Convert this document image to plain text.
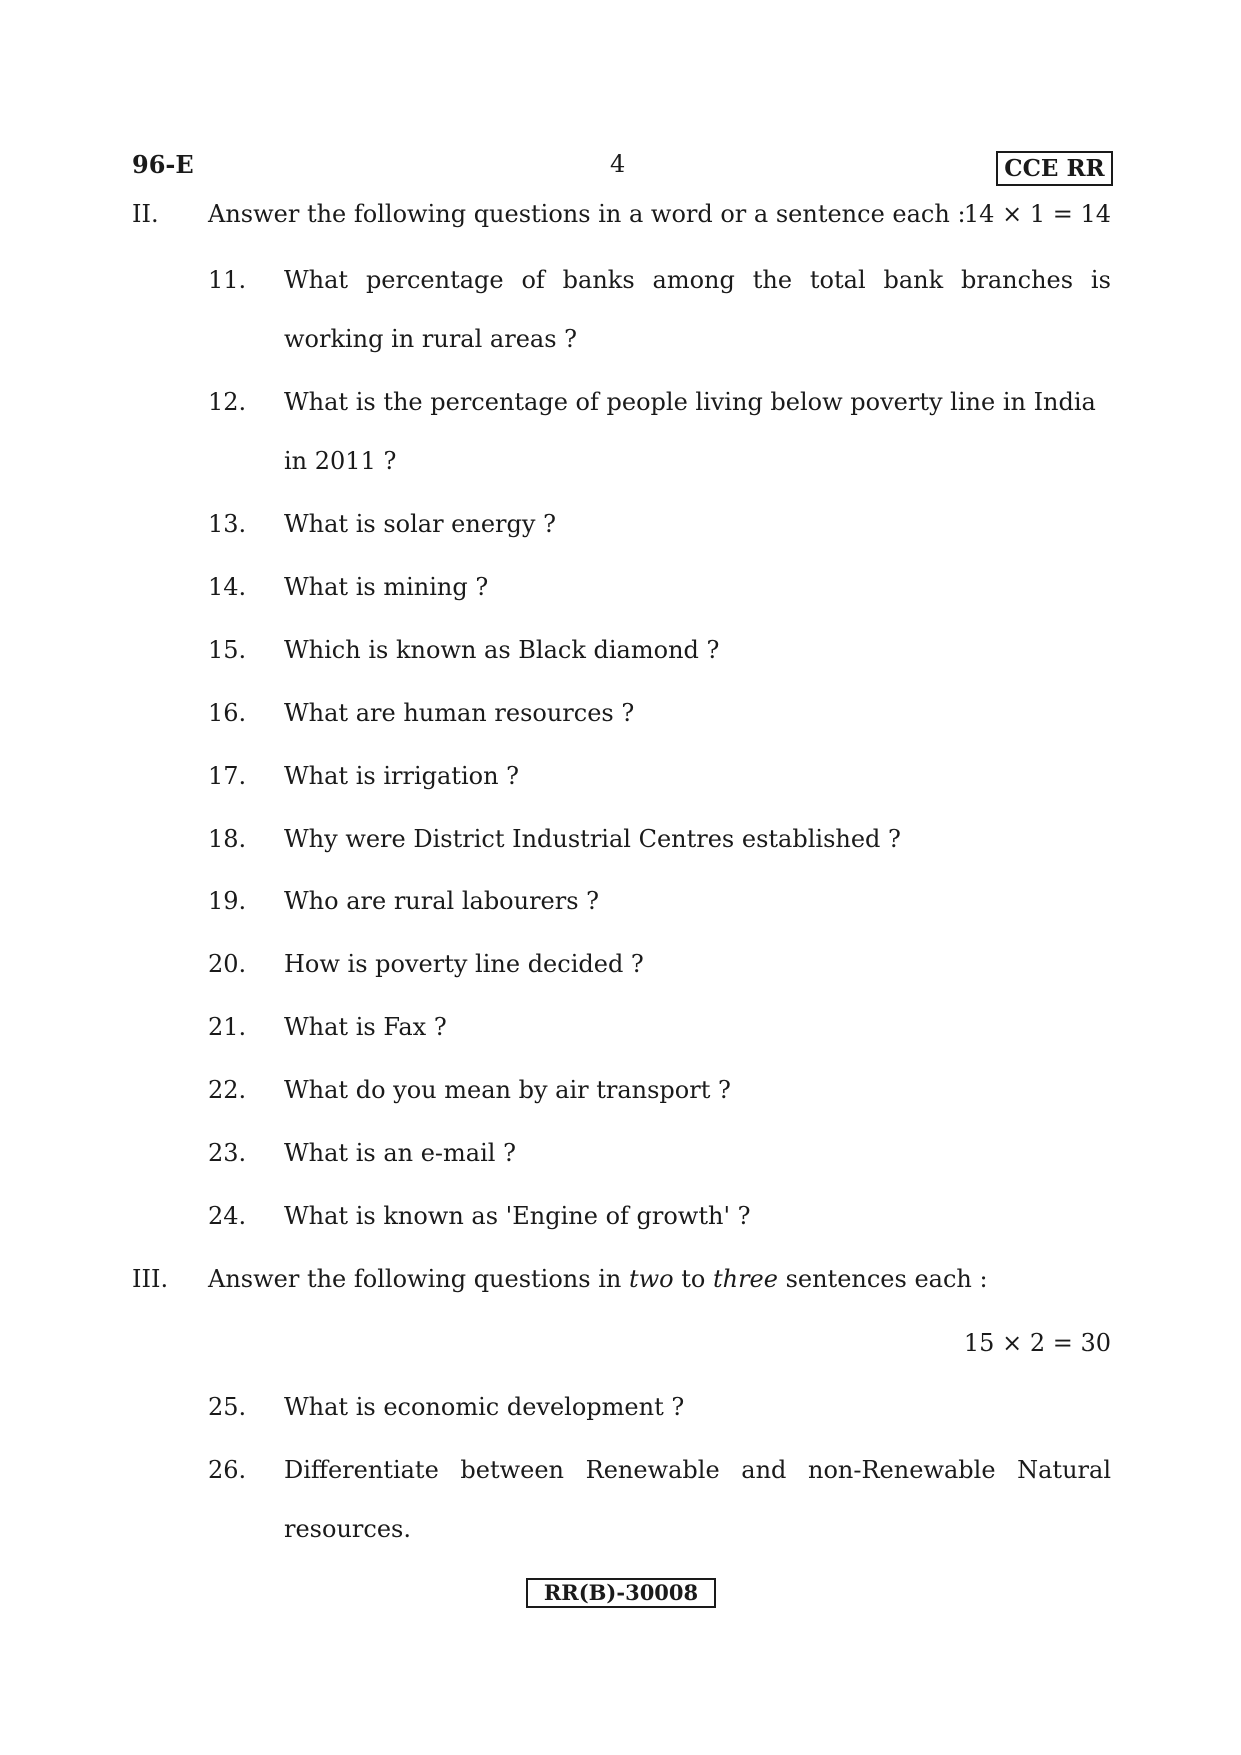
96-E	4	CCE RR
II. Answer the following questions in a word or a sentence each :
14 × 1 = 14
11. What percentage of banks among the total bank branches is
working in rural areas ?
12. What is the percentage of people living below poverty line in India
in 2011 ?
13. What is solar energy ?
14. What is mining ?
15. Which is known as Black diamond ?
16. What are human resources ?
17. What is irrigation ?
18. Why were District Industrial Centres established ?
19. Who are rural labourers ?
20. How is poverty line decided ?
21. What is Fax ?
22. What do you mean by air transport ?
23. What is an e-mail ?
24. What is known as 'Engine of growth' ?
III. Answer the following questions in two to three sentences each :
15 × 2 = 30
25. What is economic development ?
26. Differentiate between Renewable and non-Renewable Natural
resources.
RR(B)-30008
